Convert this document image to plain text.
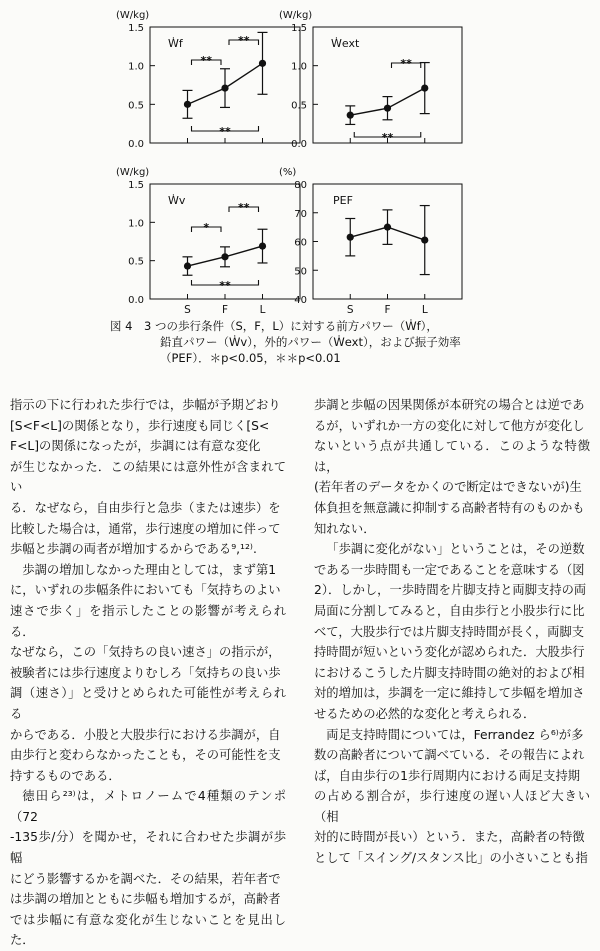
0.0
0.5
1.0
1.5
(W/kg)
Ẇf
**
**
**
0.0
0.5
1.0
1.5
(W/kg)
Ẇext
**
**
0.0
0.5
1.0
1.5
(W/kg)
Ẇv
S	F	L
*
**
**
40
50
60
70
80
(%)
PEF
S	F	L
図 4　3 つの歩行条件（S，F，L）に対する前方パワー（Ẇf），
鉛直パワー（Ẇv），外的パワー（Ẇext），および振子効率
（PEF）．＊p<0.05，＊＊p<0.01

指示の下に行われた歩行では，歩幅が予期どおり
[S<F<L]の関係となり，歩行速度も同じく[S<
F<L]の関係になったが，歩調には有意な変化
が生じなかった．この結果には意外性が含まれてい
る．なぜなら，自由歩行と急歩（または速歩）を
比較した場合は，通常，歩行速度の増加に伴って
歩幅と歩調の両者が増加するからである⁹,¹²⁾.

歩調の増加しなかった理由としては，まず第1
に，いずれの歩幅条件においても「気持ちのよい
速さで歩く」を指示したことの影響が考えられる．
なぜなら，この「気持ちの良い速さ」の指示が，
被験者には歩行速度よりむしろ「気持ちの良い歩
調（速さ）」と受けとめられた可能性が考えられる
からである．小股と大股歩行における歩調が，自
由歩行と変わらなかったことも，その可能性を支
持するものである．

徳田ら²³⁾は，メトロノームで4種類のテンポ（72
-135歩/分）を聞かせ，それに合わせた歩調が歩幅
にどう影響するかを調べた．その結果，若年者で
は歩調の増加とともに歩幅も増加するが，高齢者
では歩幅に有意な変化が生じないことを見出した．

歩調と歩幅の因果関係が本研究の場合とは逆であ
るが，いずれか一方の変化に対して他方が変化し
ないという点が共通している．このような特徴は，
(若年者のデータをかくので断定はできないが)生
体負担を無意識に抑制する高齢者特有のものかも
知れない．

「歩調に変化がない」ということは，その逆数
である一歩時間も一定であることを意味する（図
2）．しかし，一歩時間を片脚支持と両脚支持の両
局面に分割してみると，自由歩行と小股歩行に比
べて，大股歩行では片脚支持時間が長く，両脚支
持時間が短いという変化が認められた．大股歩行
におけるこうした片脚支持時間の絶対的および相
対的増加は，歩調を一定に維持して歩幅を増加さ
せるための必然的な変化と考えられる．

両足支持時間については，Ferrandez ら⁶⁾が多
数の高齢者について調べている．その報告によれ
ば，自由歩行の1歩行周期内における両足支持期
の占める割合が，歩行速度の遅い人ほど大きい（相
対的に時間が長い）という．また，高齢者の特徴
として「スイング/スタンス比」の小さいことも指
